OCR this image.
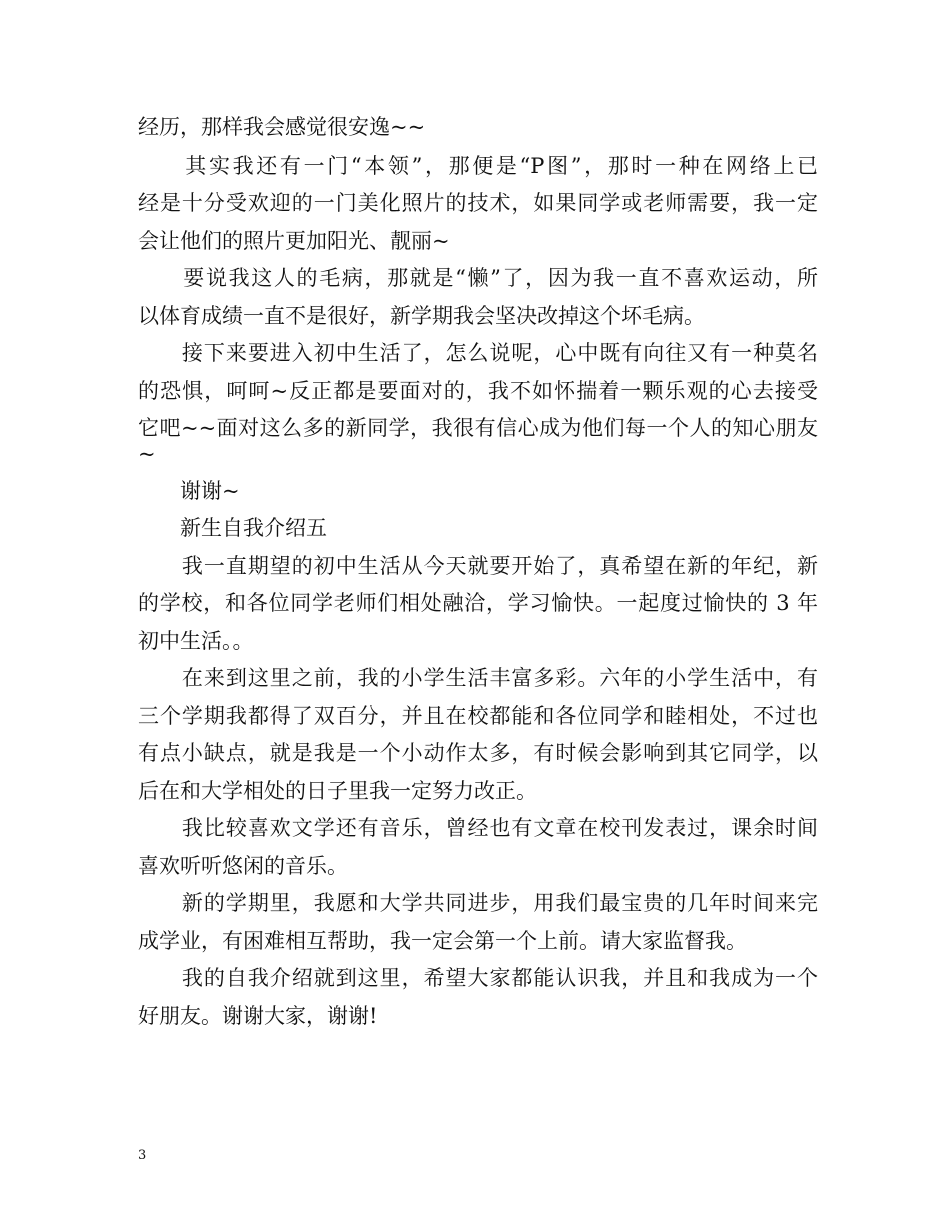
经历，那样我会感觉很安逸~~
　　其实我还有一门“本领”，那便是“P图”，那时一种在网络上已
经是十分受欢迎的一门美化照片的技术，如果同学或老师需要，我一定
会让他们的照片更加阳光、靓丽~
　　要说我这人的毛病，那就是“懒”了，因为我一直不喜欢运动，所
以体育成绩一直不是很好，新学期我会坚决改掉这个坏毛病。
　　接下来要进入初中生活了，怎么说呢，心中既有向往又有一种莫名
的恐惧，呵呵~反正都是要面对的，我不如怀揣着一颗乐观的心去接受
它吧~~面对这么多的新同学，我很有信心成为他们每一个人的知心朋友
~
　　谢谢~
　　新生自我介绍五
　　我一直期望的初中生活从今天就要开始了，真希望在新的年纪，新
的学校，和各位同学老师们相处融洽，学习愉快。一起度过愉快的 3 年
初中生活。。
　　在来到这里之前，我的小学生活丰富多彩。六年的小学生活中，有
三个学期我都得了双百分，并且在校都能和各位同学和睦相处，不过也
有点小缺点，就是我是一个小动作太多，有时候会影响到其它同学，以
后在和大学相处的日子里我一定努力改正。
　　我比较喜欢文学还有音乐，曾经也有文章在校刊发表过，课余时间
喜欢听听悠闲的音乐。
　　新的学期里，我愿和大学共同进步，用我们最宝贵的几年时间来完
成学业，有困难相互帮助，我一定会第一个上前。请大家监督我。
　　我的自我介绍就到这里，希望大家都能认识我，并且和我成为一个
好朋友。谢谢大家，谢谢!
3
